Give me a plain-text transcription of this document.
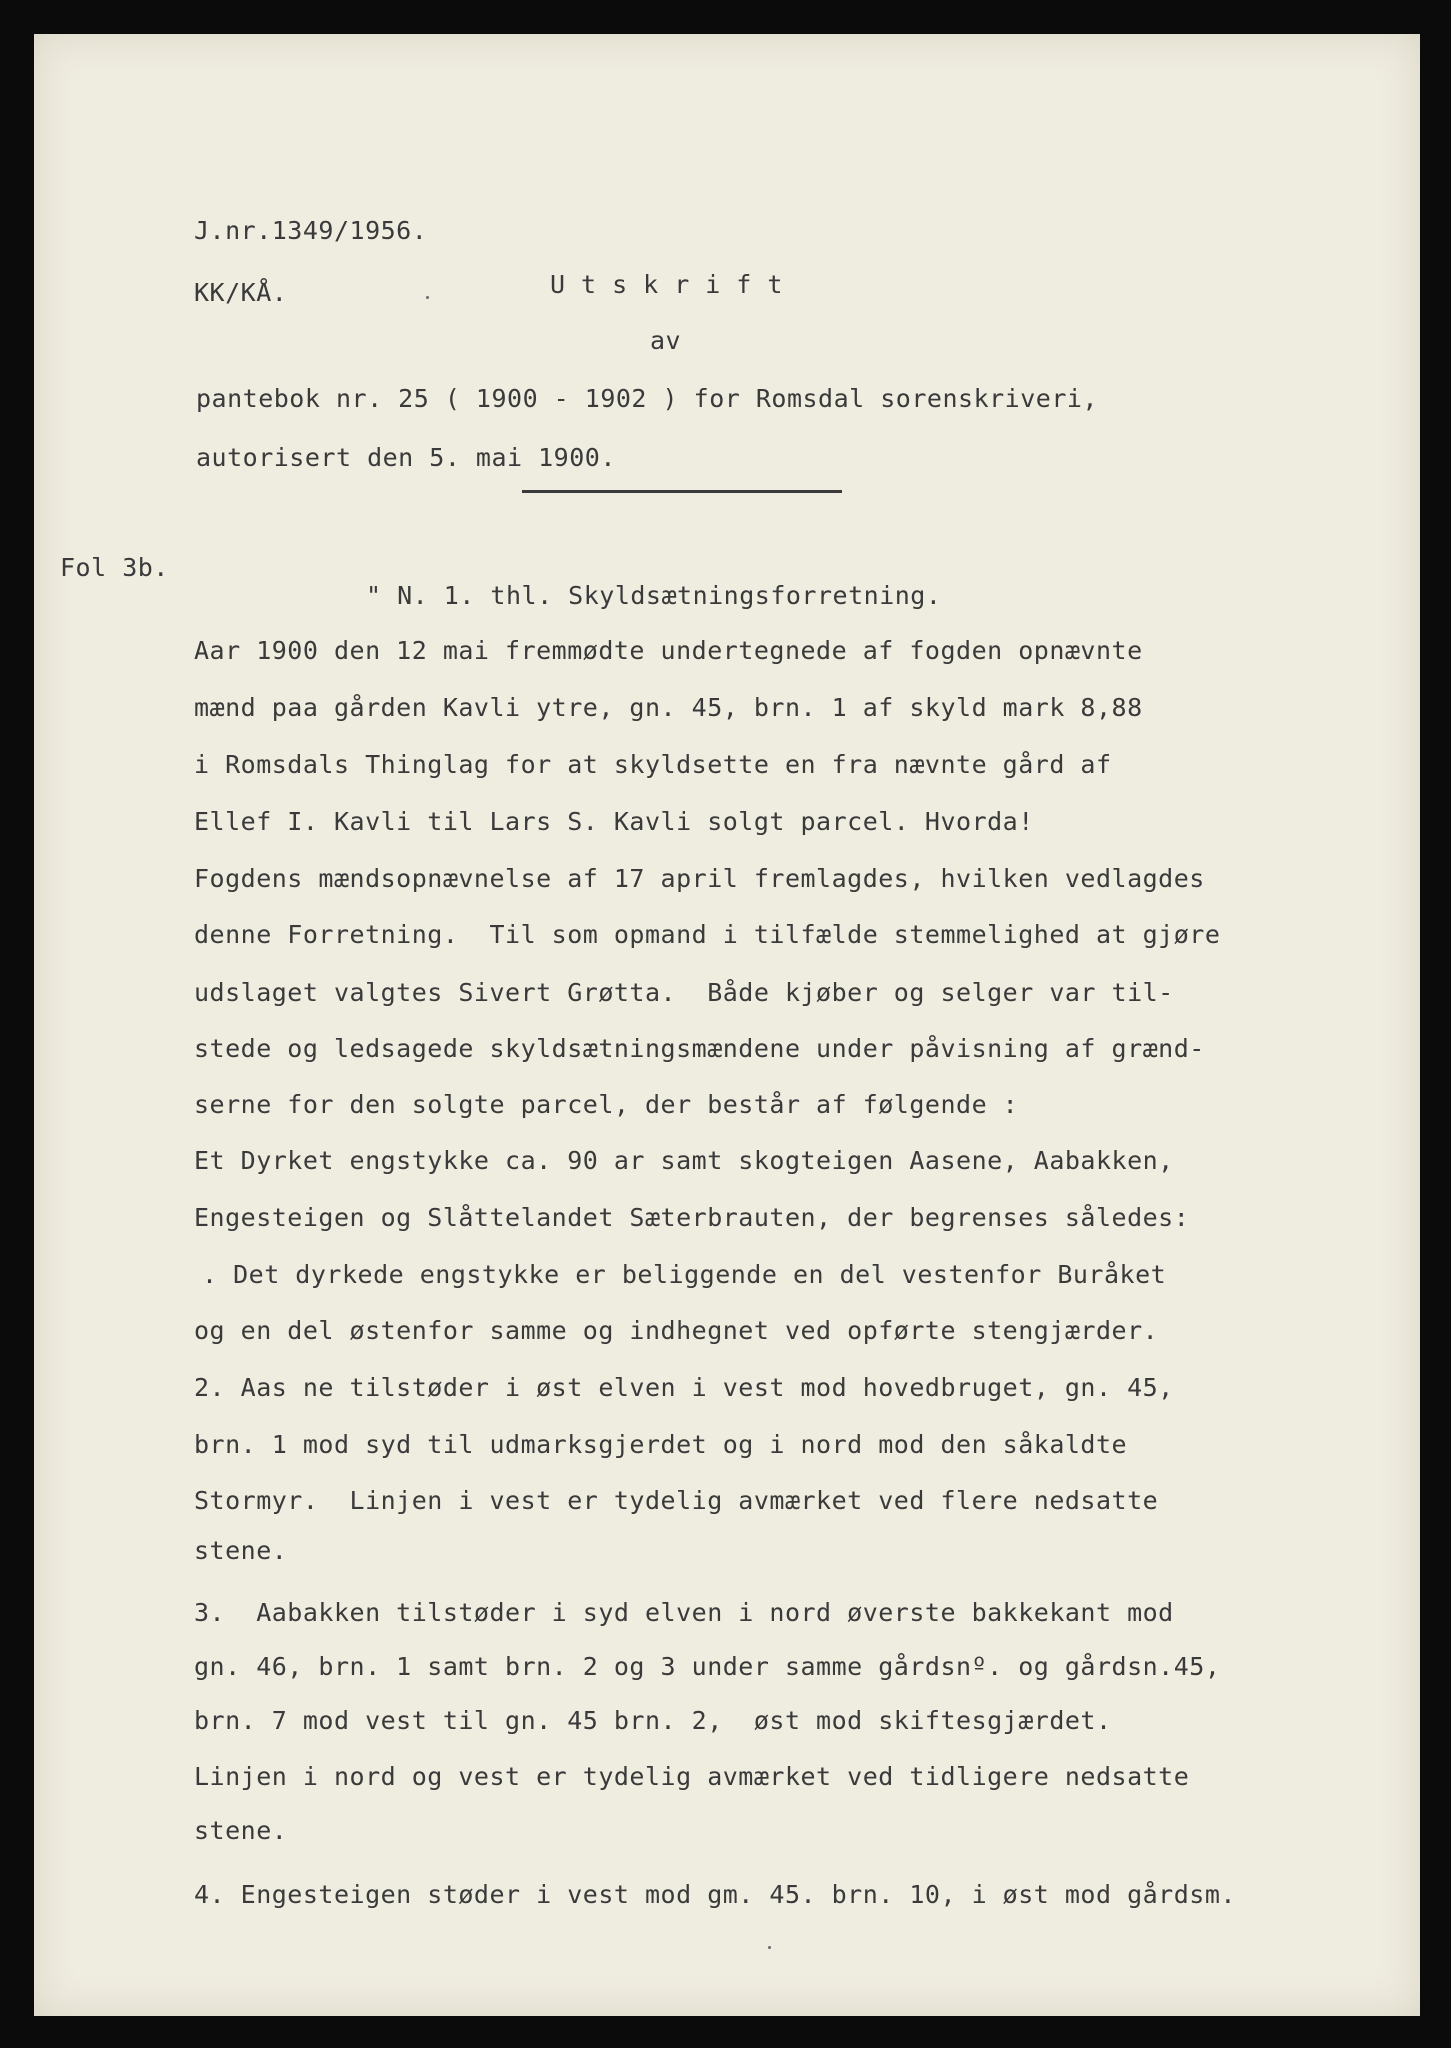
J.nr.1349/1956.
KK/KÅ.	Utskrift
av
pantebok nr. 25 ( 1900 - 1902 ) for Romsdal sorenskriveri,
autorisert den 5. mai 1900.
Fol 3b.
" N. 1. thl. Skyldsætningsforretning.
Aar 1900 den 12 mai fremmødte undertegnede af fogden opnævnte
mænd paa gården Kavli ytre, gn. 45, brn. 1 af skyld mark 8,88
i Romsdals Thinglag for at skyldsette en fra nævnte gård af
Ellef I. Kavli til Lars S. Kavli solgt parcel. Hvorda!
Fogdens mændsopnævnelse af 17 april fremlagdes, hvilken vedlagdes
denne Forretning.  Til som opmand i tilfælde stemmelighed at gjøre
udslaget valgtes Sivert Grøtta.  Både kjøber og selger var til-
stede og ledsagede skyldsætningsmændene under påvisning af grænd-
serne for den solgte parcel, der består af følgende :
Et Dyrket engstykke ca. 90 ar samt skogteigen Aasene, Aabakken,
Engesteigen og Slåttelandet Sæterbrauten, der begrenses således:
. Det dyrkede engstykke er beliggende en del vestenfor Buråket
og en del østenfor samme og indhegnet ved opførte stengjærder.
2. Aas ne tilstøder i øst elven i vest mod hovedbruget, gn. 45,
brn. 1 mod syd til udmarksgjerdet og i nord mod den såkaldte
Stormyr.  Linjen i vest er tydelig avmærket ved flere nedsatte
stene.
3.  Aabakken tilstøder i syd elven i nord øverste bakkekant mod
gn. 46, brn. 1 samt brn. 2 og 3 under samme gårdsnº. og gårdsn.45,
brn. 7 mod vest til gn. 45 brn. 2,  øst mod skiftesgjærdet.
Linjen i nord og vest er tydelig avmærket ved tidligere nedsatte
stene.
4. Engesteigen støder i vest mod gm. 45. brn. 10, i øst mod gårdsm.
